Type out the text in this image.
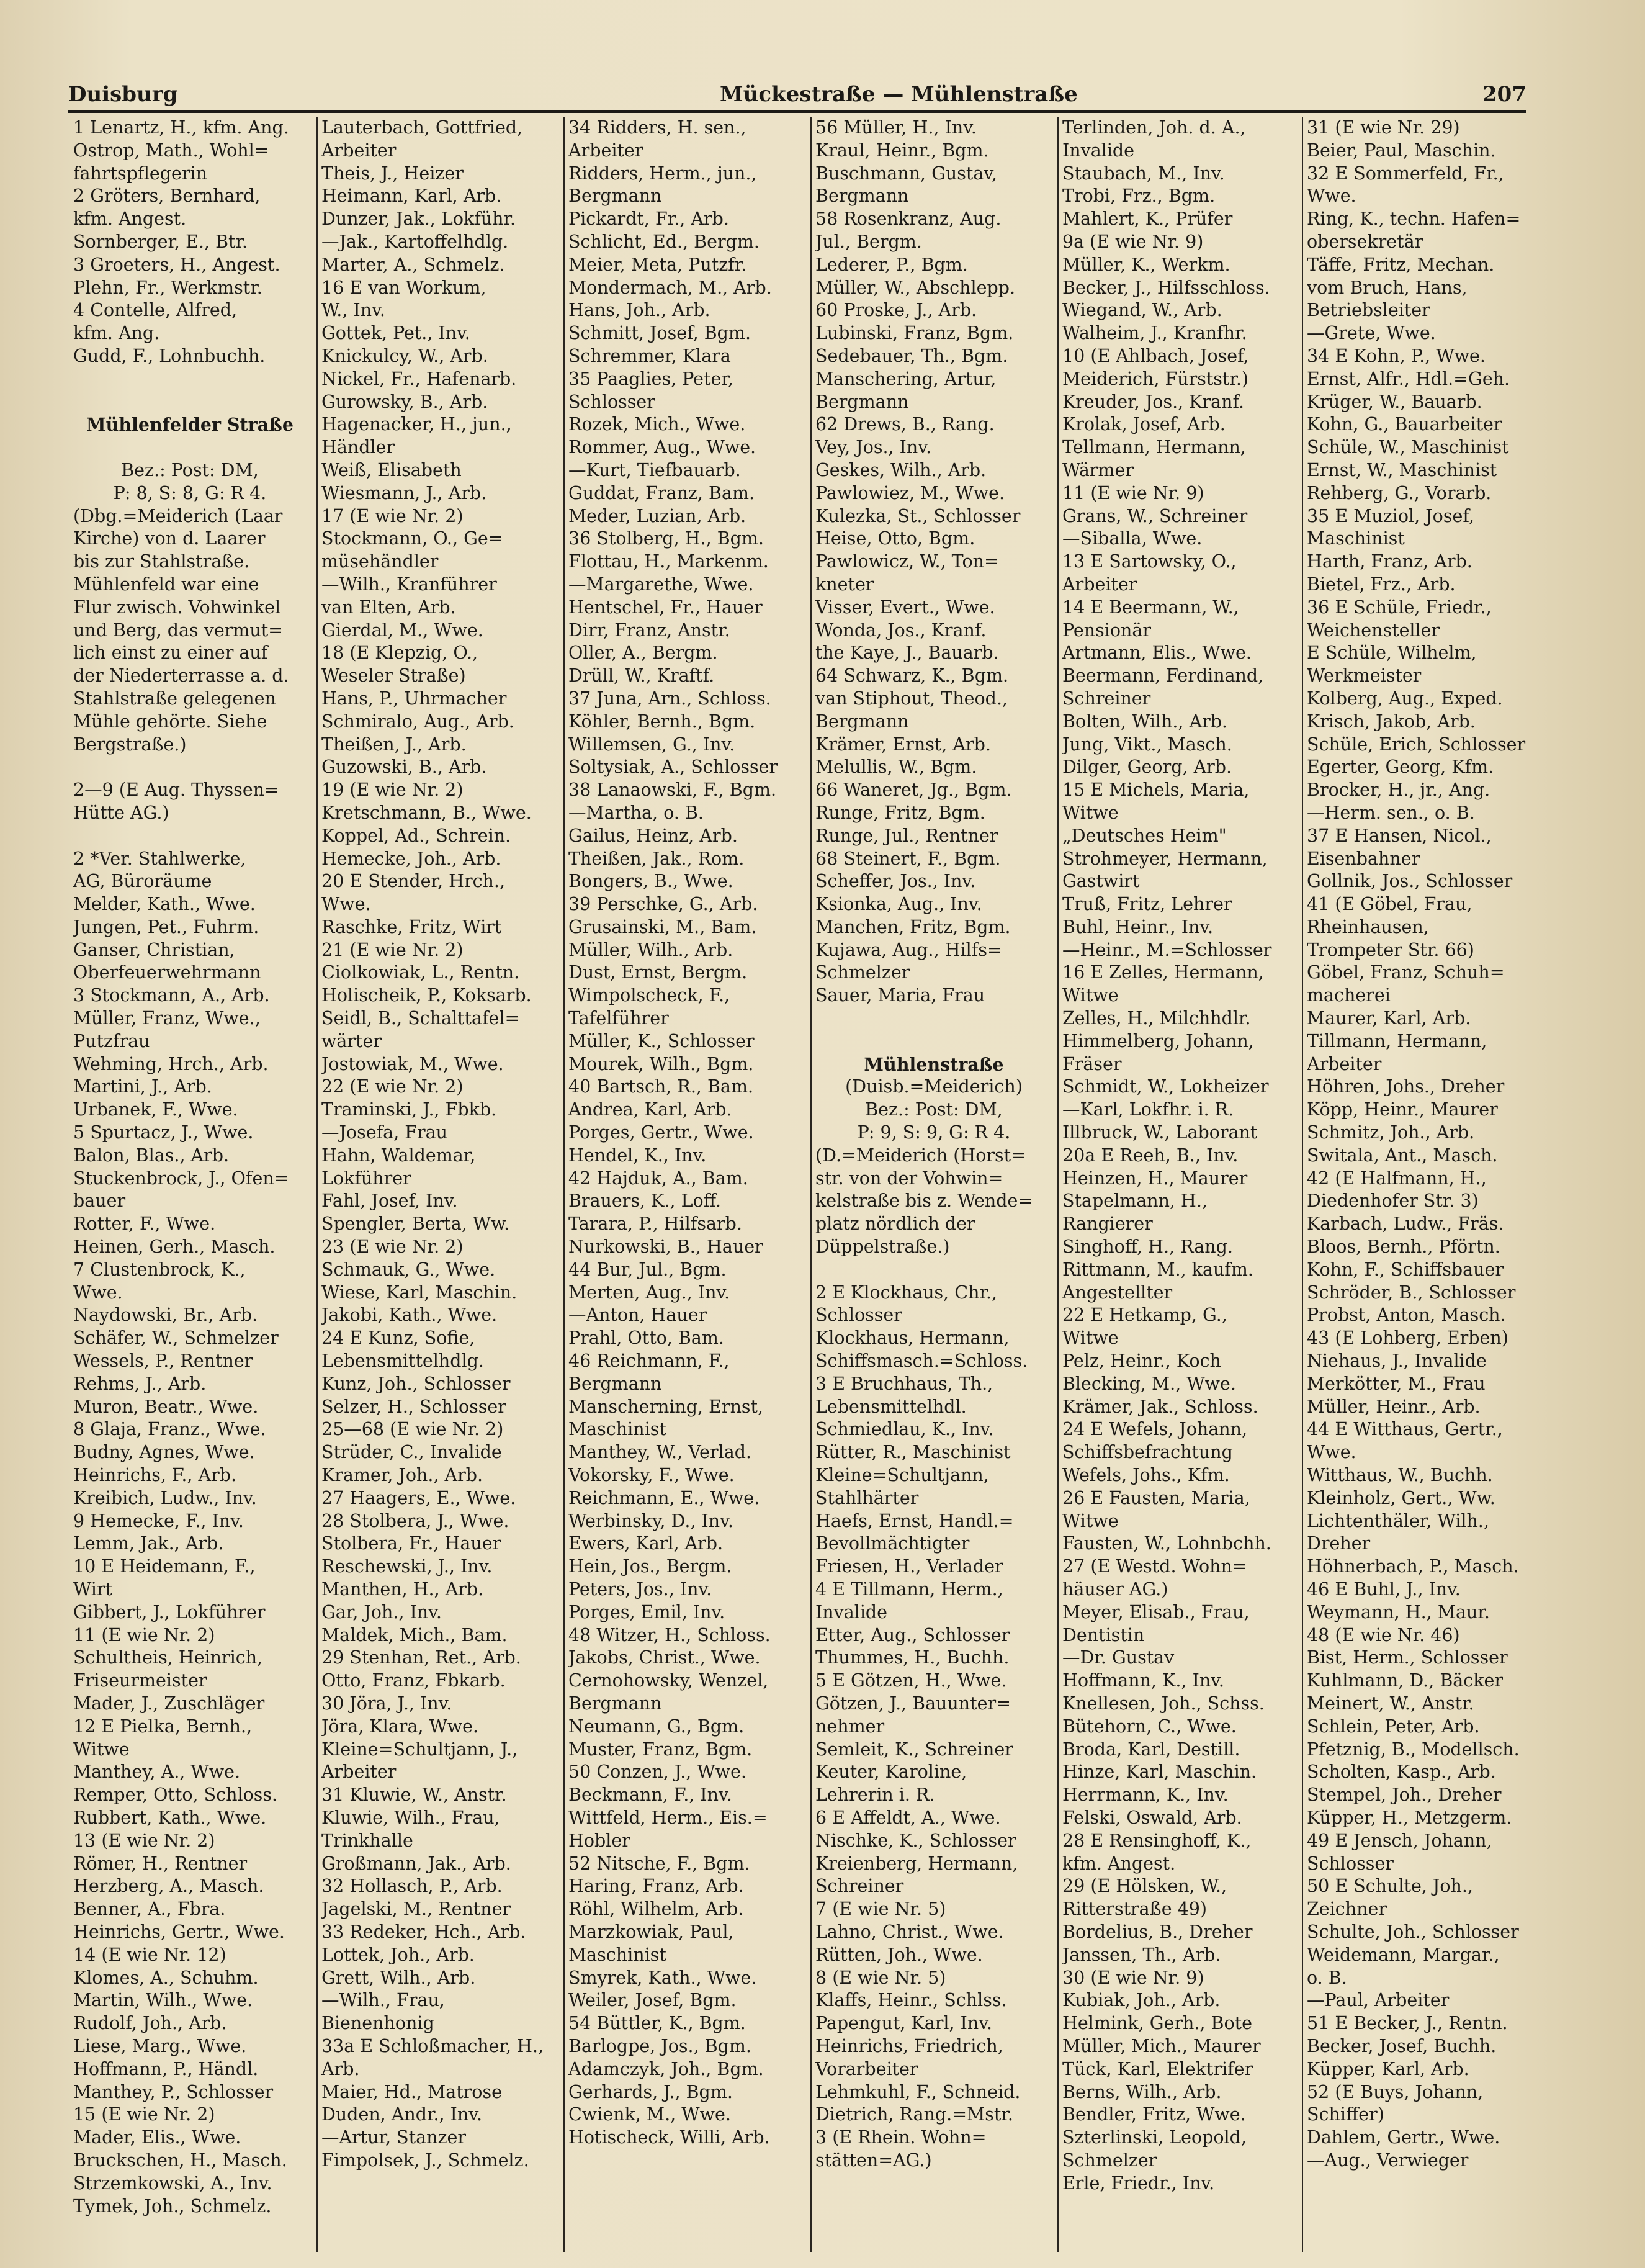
Duisburg	Mückestraße — Mühlenstraße	207
1 Lenartz, H., kfm. Ang.
Ostrop, Math., Wohl=
fahrtspflegerin
2 Gröters, Bernhard,
kfm. Angest.
Sornberger, E., Btr.
3 Groeters, H., Angest.
Plehn, Fr., Werkmstr.
4 Contelle, Alfred,
kfm. Ang.
Gudd, F., Lohnbuchh.
Mühlenfelder Straße
Bez.: Post: DM,
P: 8, S: 8, G: R 4.
(Dbg.=Meiderich (Laar
Kirche) von d. Laarer
bis zur Stahlstraße.
Mühlenfeld war eine
Flur zwisch. Vohwinkel
und Berg, das vermut=
lich einst zu einer auf
der Niederterrasse a. d.
Stahlstraße gelegenen
Mühle gehörte. Siehe
Bergstraße.)
2—9 (E Aug. Thyssen=
Hütte AG.)
2 *Ver. Stahlwerke,
AG, Büroräume
Melder, Kath., Wwe.
Jungen, Pet., Fuhrm.
Ganser, Christian,
Oberfeuerwehrmann
3 Stockmann, A., Arb.
Müller, Franz, Wwe.,
Putzfrau
Wehming, Hrch., Arb.
Martini, J., Arb.
Urbanek, F., Wwe.
5 Spurtacz, J., Wwe.
Balon, Blas., Arb.
Stuckenbrock, J., Ofen=
bauer
Rotter, F., Wwe.
Heinen, Gerh., Masch.
7 Clustenbrock, K.,
Wwe.
Naydowski, Br., Arb.
Schäfer, W., Schmelzer
Wessels, P., Rentner
Rehms, J., Arb.
Muron, Beatr., Wwe.
8 Glaja, Franz., Wwe.
Budny, Agnes, Wwe.
Heinrichs, F., Arb.
Kreibich, Ludw., Inv.
9 Hemecke, F., Inv.
Lemm, Jak., Arb.
10 E Heidemann, F.,
Wirt
Gibbert, J., Lokführer
11 (E wie Nr. 2)
Schultheis, Heinrich,
Friseurmeister
Mader, J., Zuschläger
12 E Pielka, Bernh.,
Witwe
Manthey, A., Wwe.
Remper, Otto, Schloss.
Rubbert, Kath., Wwe.
13 (E wie Nr. 2)
Römer, H., Rentner
Herzberg, A., Masch.
Benner, A., Fbra.
Heinrichs, Gertr., Wwe.
14 (E wie Nr. 12)
Klomes, A., Schuhm.
Martin, Wilh., Wwe.
Rudolf, Joh., Arb.
Liese, Marg., Wwe.
Hoffmann, P., Händl.
Manthey, P., Schlosser
15 (E wie Nr. 2)
Mader, Elis., Wwe.
Bruckschen, H., Masch.
Strzemkowski, A., Inv.
Tymek, Joh., Schmelz.
Lauterbach, Gottfried,
Arbeiter
Theis, J., Heizer
Heimann, Karl, Arb.
Dunzer, Jak., Lokführ.
—Jak., Kartoffelhdlg.
Marter, A., Schmelz.
16 E van Workum,
W., Inv.
Gottek, Pet., Inv.
Knickulcy, W., Arb.
Nickel, Fr., Hafenarb.
Gurowsky, B., Arb.
Hagenacker, H., jun.,
Händler
Weiß, Elisabeth
Wiesmann, J., Arb.
17 (E wie Nr. 2)
Stockmann, O., Ge=
müsehändler
—Wilh., Kranführer
van Elten, Arb.
Gierdal, M., Wwe.
18 (E Klepzig, O.,
Weseler Straße)
Hans, P., Uhrmacher
Schmiralo, Aug., Arb.
Theißen, J., Arb.
Guzowski, B., Arb.
19 (E wie Nr. 2)
Kretschmann, B., Wwe.
Koppel, Ad., Schrein.
Hemecke, Joh., Arb.
20 E Stender, Hrch.,
Wwe.
Raschke, Fritz, Wirt
21 (E wie Nr. 2)
Ciolkowiak, L., Rentn.
Holischeik, P., Koksarb.
Seidl, B., Schalttafel=
wärter
Jostowiak, M., Wwe.
22 (E wie Nr. 2)
Traminski, J., Fbkb.
—Josefa, Frau
Hahn, Waldemar,
Lokführer
Fahl, Josef, Inv.
Spengler, Berta, Ww.
23 (E wie Nr. 2)
Schmauk, G., Wwe.
Wiese, Karl, Maschin.
Jakobi, Kath., Wwe.
24 E Kunz, Sofie,
Lebensmittelhdlg.
Kunz, Joh., Schlosser
Selzer, H., Schlosser
25—68 (E wie Nr. 2)
Strüder, C., Invalide
Kramer, Joh., Arb.
27 Haagers, E., Wwe.
28 Stolbera, J., Wwe.
Stolbera, Fr., Hauer
Reschewski, J., Inv.
Manthen, H., Arb.
Gar, Joh., Inv.
Maldek, Mich., Bam.
29 Stenhan, Ret., Arb.
Otto, Franz, Fbkarb.
30 Jöra, J., Inv.
Jöra, Klara, Wwe.
Kleine=Schultjann, J.,
Arbeiter
31 Kluwie, W., Anstr.
Kluwie, Wilh., Frau,
Trinkhalle
Großmann, Jak., Arb.
32 Hollasch, P., Arb.
Jagelski, M., Rentner
33 Redeker, Hch., Arb.
Lottek, Joh., Arb.
Grett, Wilh., Arb.
—Wilh., Frau,
Bienenhonig
33a E Schloßmacher, H.,
Arb.
Maier, Hd., Matrose
Duden, Andr., Inv.
—Artur, Stanzer
Fimpolsek, J., Schmelz.
34 Ridders, H. sen.,
Arbeiter
Ridders, Herm., jun.,
Bergmann
Pickardt, Fr., Arb.
Schlicht, Ed., Bergm.
Meier, Meta, Putzfr.
Mondermach, M., Arb.
Hans, Joh., Arb.
Schmitt, Josef, Bgm.
Schremmer, Klara
35 Paaglies, Peter,
Schlosser
Rozek, Mich., Wwe.
Rommer, Aug., Wwe.
—Kurt, Tiefbauarb.
Guddat, Franz, Bam.
Meder, Luzian, Arb.
36 Stolberg, H., Bgm.
Flottau, H., Markenm.
—Margarethe, Wwe.
Hentschel, Fr., Hauer
Dirr, Franz, Anstr.
Oller, A., Bergm.
Drüll, W., Kraftf.
37 Juna, Arn., Schloss.
Köhler, Bernh., Bgm.
Willemsen, G., Inv.
Soltysiak, A., Schlosser
38 Lanaowski, F., Bgm.
—Martha, o. B.
Gailus, Heinz, Arb.
Theißen, Jak., Rom.
Bongers, B., Wwe.
39 Perschke, G., Arb.
Grusainski, M., Bam.
Müller, Wilh., Arb.
Dust, Ernst, Bergm.
Wimpolscheck, F.,
Tafelführer
Müller, K., Schlosser
Mourek, Wilh., Bgm.
40 Bartsch, R., Bam.
Andrea, Karl, Arb.
Porges, Gertr., Wwe.
Hendel, K., Inv.
42 Hajduk, A., Bam.
Brauers, K., Loff.
Tarara, P., Hilfsarb.
Nurkowski, B., Hauer
44 Bur, Jul., Bgm.
Merten, Aug., Inv.
—Anton, Hauer
Prahl, Otto, Bam.
46 Reichmann, F.,
Bergmann
Manscherning, Ernst,
Maschinist
Manthey, W., Verlad.
Vokorsky, F., Wwe.
Reichmann, E., Wwe.
Werbinsky, D., Inv.
Ewers, Karl, Arb.
Hein, Jos., Bergm.
Peters, Jos., Inv.
Porges, Emil, Inv.
48 Witzer, H., Schloss.
Jakobs, Christ., Wwe.
Cernohowsky, Wenzel,
Bergmann
Neumann, G., Bgm.
Muster, Franz, Bgm.
50 Conzen, J., Wwe.
Beckmann, F., Inv.
Wittfeld, Herm., Eis.=
Hobler
52 Nitsche, F., Bgm.
Haring, Franz, Arb.
Röhl, Wilhelm, Arb.
Marzkowiak, Paul,
Maschinist
Smyrek, Kath., Wwe.
Weiler, Josef, Bgm.
54 Büttler, K., Bgm.
Barlogpe, Jos., Bgm.
Adamczyk, Joh., Bgm.
Gerhards, J., Bgm.
Cwienk, M., Wwe.
Hotischeck, Willi, Arb.
56 Müller, H., Inv.
Kraul, Heinr., Bgm.
Buschmann, Gustav,
Bergmann
58 Rosenkranz, Aug.
Jul., Bergm.
Lederer, P., Bgm.
Müller, W., Abschlepp.
60 Proske, J., Arb.
Lubinski, Franz, Bgm.
Sedebauer, Th., Bgm.
Manschering, Artur,
Bergmann
62 Drews, B., Rang.
Vey, Jos., Inv.
Geskes, Wilh., Arb.
Pawlowiez, M., Wwe.
Kulezka, St., Schlosser
Heise, Otto, Bgm.
Pawlowicz, W., Ton=
kneter
Visser, Evert., Wwe.
Wonda, Jos., Kranf.
the Kaye, J., Bauarb.
64 Schwarz, K., Bgm.
van Stiphout, Theod.,
Bergmann
Krämer, Ernst, Arb.
Melullis, W., Bgm.
66 Waneret, Jg., Bgm.
Runge, Fritz, Bgm.
Runge, Jul., Rentner
68 Steinert, F., Bgm.
Scheffer, Jos., Inv.
Ksionka, Aug., Inv.
Manchen, Fritz, Bgm.
Kujawa, Aug., Hilfs=
Schmelzer
Sauer, Maria, Frau
Mühlenstraße
(Duisb.=Meiderich)
Bez.: Post: DM,
P: 9, S: 9, G: R 4.
(D.=Meiderich (Horst=
str. von der Vohwin=
kelstraße bis z. Wende=
platz nördlich der
Düppelstraße.)
2 E Klockhaus, Chr.,
Schlosser
Klockhaus, Hermann,
Schiffsmasch.=Schloss.
3 E Bruchhaus, Th.,
Lebensmittelhdl.
Schmiedlau, K., Inv.
Rütter, R., Maschinist
Kleine=Schultjann,
Stahlhärter
Haefs, Ernst, Handl.=
Bevollmächtigter
Friesen, H., Verlader
4 E Tillmann, Herm.,
Invalide
Etter, Aug., Schlosser
Thummes, H., Buchh.
5 E Götzen, H., Wwe.
Götzen, J., Bauunter=
nehmer
Semleit, K., Schreiner
Keuter, Karoline,
Lehrerin i. R.
6 E Affeldt, A., Wwe.
Nischke, K., Schlosser
Kreienberg, Hermann,
Schreiner
7 (E wie Nr. 5)
Lahno, Christ., Wwe.
Rütten, Joh., Wwe.
8 (E wie Nr. 5)
Klaffs, Heinr., Schlss.
Papengut, Karl, Inv.
Heinrichs, Friedrich,
Vorarbeiter
Lehmkuhl, F., Schneid.
Dietrich, Rang.=Mstr.
3 (E Rhein. Wohn=
stätten=AG.)
Terlinden, Joh. d. A.,
Invalide
Staubach, M., Inv.
Trobi, Frz., Bgm.
Mahlert, K., Prüfer
9a (E wie Nr. 9)
Müller, K., Werkm.
Becker, J., Hilfsschloss.
Wiegand, W., Arb.
Walheim, J., Kranfhr.
10 (E Ahlbach, Josef,
Meiderich, Fürststr.)
Kreuder, Jos., Kranf.
Krolak, Josef, Arb.
Tellmann, Hermann,
Wärmer
11 (E wie Nr. 9)
Grans, W., Schreiner
—Siballa, Wwe.
13 E Sartowsky, O.,
Arbeiter
14 E Beermann, W.,
Pensionär
Artmann, Elis., Wwe.
Beermann, Ferdinand,
Schreiner
Bolten, Wilh., Arb.
Jung, Vikt., Masch.
Dilger, Georg, Arb.
15 E Michels, Maria,
Witwe
„Deutsches Heim"
Strohmeyer, Hermann,
Gastwirt
Truß, Fritz, Lehrer
Buhl, Heinr., Inv.
—Heinr., M.=Schlosser
16 E Zelles, Hermann,
Witwe
Zelles, H., Milchhdlr.
Himmelberg, Johann,
Fräser
Schmidt, W., Lokheizer
—Karl, Lokfhr. i. R.
Illbruck, W., Laborant
20a E Reeh, B., Inv.
Heinzen, H., Maurer
Stapelmann, H.,
Rangierer
Singhoff, H., Rang.
Rittmann, M., kaufm.
Angestellter
22 E Hetkamp, G.,
Witwe
Pelz, Heinr., Koch
Blecking, M., Wwe.
Krämer, Jak., Schloss.
24 E Wefels, Johann,
Schiffsbefrachtung
Wefels, Johs., Kfm.
26 E Fausten, Maria,
Witwe
Fausten, W., Lohnbchh.
27 (E Westd. Wohn=
häuser AG.)
Meyer, Elisab., Frau,
Dentistin
—Dr. Gustav
Hoffmann, K., Inv.
Knellesen, Joh., Schss.
Bütehorn, C., Wwe.
Broda, Karl, Destill.
Hinze, Karl, Maschin.
Herrmann, K., Inv.
Felski, Oswald, Arb.
28 E Rensinghoff, K.,
kfm. Angest.
29 (E Hölsken, W.,
Ritterstraße 49)
Bordelius, B., Dreher
Janssen, Th., Arb.
30 (E wie Nr. 9)
Kubiak, Joh., Arb.
Helmink, Gerh., Bote
Müller, Mich., Maurer
Tück, Karl, Elektrifer
Berns, Wilh., Arb.
Bendler, Fritz, Wwe.
Szterlinski, Leopold,
Schmelzer
Erle, Friedr., Inv.
31 (E wie Nr. 29)
Beier, Paul, Maschin.
32 E Sommerfeld, Fr.,
Wwe.
Ring, K., techn. Hafen=
obersekretär
Täffe, Fritz, Mechan.
vom Bruch, Hans,
Betriebsleiter
—Grete, Wwe.
34 E Kohn, P., Wwe.
Ernst, Alfr., Hdl.=Geh.
Krüger, W., Bauarb.
Kohn, G., Bauarbeiter
Schüle, W., Maschinist
Ernst, W., Maschinist
Rehberg, G., Vorarb.
35 E Muziol, Josef,
Maschinist
Harth, Franz, Arb.
Bietel, Frz., Arb.
36 E Schüle, Friedr.,
Weichensteller
E Schüle, Wilhelm,
Werkmeister
Kolberg, Aug., Exped.
Krisch, Jakob, Arb.
Schüle, Erich, Schlosser
Egerter, Georg, Kfm.
Brocker, H., jr., Ang.
—Herm. sen., o. B.
37 E Hansen, Nicol.,
Eisenbahner
Gollnik, Jos., Schlosser
41 (E Göbel, Frau,
Rheinhausen,
Trompeter Str. 66)
Göbel, Franz, Schuh=
macherei
Maurer, Karl, Arb.
Tillmann, Hermann,
Arbeiter
Höhren, Johs., Dreher
Köpp, Heinr., Maurer
Schmitz, Joh., Arb.
Switala, Ant., Masch.
42 (E Halfmann, H.,
Diedenhofer Str. 3)
Karbach, Ludw., Fräs.
Bloos, Bernh., Pförtn.
Kohn, F., Schiffsbauer
Schröder, B., Schlosser
Probst, Anton, Masch.
43 (E Lohberg, Erben)
Niehaus, J., Invalide
Merkötter, M., Frau
Müller, Heinr., Arb.
44 E Witthaus, Gertr.,
Wwe.
Witthaus, W., Buchh.
Kleinholz, Gert., Ww.
Lichtenthäler, Wilh.,
Dreher
Höhnerbach, P., Masch.
46 E Buhl, J., Inv.
Weymann, H., Maur.
48 (E wie Nr. 46)
Bist, Herm., Schlosser
Kuhlmann, D., Bäcker
Meinert, W., Anstr.
Schlein, Peter, Arb.
Pfetznig, B., Modellsch.
Scholten, Kasp., Arb.
Stempel, Joh., Dreher
Küpper, H., Metzgerm.
49 E Jensch, Johann,
Schlosser
50 E Schulte, Joh.,
Zeichner
Schulte, Joh., Schlosser
Weidemann, Margar.,
o. B.
—Paul, Arbeiter
51 E Becker, J., Rentn.
Becker, Josef, Buchh.
Küpper, Karl, Arb.
52 (E Buys, Johann,
Schiffer)
Dahlem, Gertr., Wwe.
—Aug., Verwieger
